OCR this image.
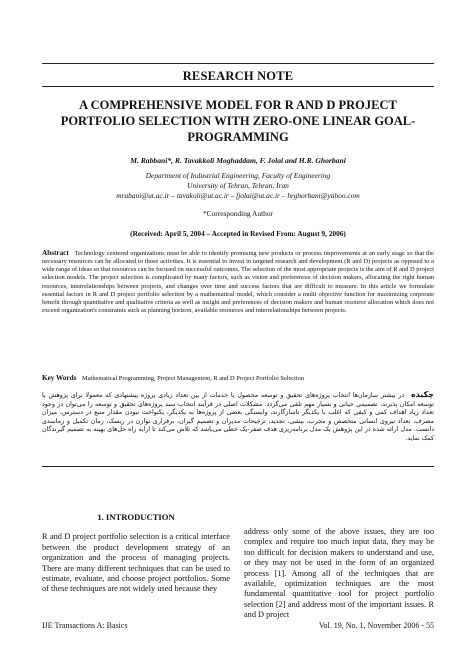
RESEARCH NOTE
A COMPREHENSIVE MODEL FOR R AND D PROJECT PORTFOLIO SELECTION WITH ZERO-ONE LINEAR GOAL-PROGRAMMING
M. Rabbani*, R. Tavakkoli Moghaddam, F. Jolai and H.R. Ghorbani
Department of Industrial Engineering, Faculty of Engineering
University of Tehran, Tehran, Iran
mrabani@ut.ac.ir – tavakoli@ut.ac.ir – fjolai@ut.ac.ir – hrghorbani@yahoo.com
*Corresponding Author
(Received: April 5, 2004 – Accepted in Revised From: August 9, 2006)
Abstract Technology centered organizations must be able to identify promising new products or process improvements at an early stage so that the necessary resources can be allocated to those activities. It is essential to invest in targeted research and development (R and D) projects as opposed to a wide range of ideas so that resources can be focused on successful outcomes. The selection of the most appropriate projects is the aim of R and D project selection models. The project selection is complicated by many factors, such as vision and preferences of decision makers, allocating the right human resources, interrelationships between projects, and changes over time and success factors that are difficult to measure. In this article we formulate essential factors in R and D project portfolio selection by a mathematical model, which consider a multi objective function for maximizing corporate benefit through quantitative and qualitative criteria as well as insight and preferences of decision makers and human resource allocation which does not exceed organization's constraints such as planning horizon, available resources and interrelationships between projects.
Key Words Mathematical Programming, Project Management, R and D Project Portfolio Selection
چکیده در بیشتر سازمان‌ها انتخاب پروژه‌های تحقیق و توسعه محصول یا خدمات از بین تعداد زیادی پروژه پیشنهادی که معمولا برای پژوهش یا توسعه امکان پذیرند، تصمیمی حیاتی و بسیار مهم تلقی می‌گردد. مشکلات اصلی در فرآیند انتخاب سبد پروژه‌های تحقیق و توسعه را می‌توان در وجود تعداد زیاد اهداف کمی و کیفی که اغلب با یکدیگر ناسازگارند، وابستگی بعضی از پروژه‌ها به یکدیگر، یکنواخت نبودن مقدار منبع در دسترس، میزان مصرف، تعداد نیروی انسانی متخصص و مجرب، بیشی، تجدید، ترجیحات مدیران و تصمیم گیران، برقراری توازن در ریسک، زمان تکمیل و زمانبندی دانست. مدل ارائه شده در این پژوهش یک مدل برنامه‌ریزی هدف صفر-یک خطی می‌باشد که تلاش می‌کند تا ارایه راه حل‌های بهینه به تصمیم گیرندگان کمک نماید.
1. INTRODUCTION
R and D project portfolio selection is a critical interface between the product development strategy of an organization and the process of managing projects. There are many different techniques that can be used to estimate, evaluate, and choose project portfolios. Some of these techniques are not widely used because they
address only some of the above issues, they are too complex and require too much input data, they may be too difficult for decision makers to understand and use, or they may not be used in the form of an organized process [1]. Among all of the techniques that are available, optimization techniques are the most fundamental quantitative tool for project portfolio selection [2] and address most of the important issues. R and D project
IJE Transactions A: Basics	Vol. 19, No. 1, November 2006 - 55
